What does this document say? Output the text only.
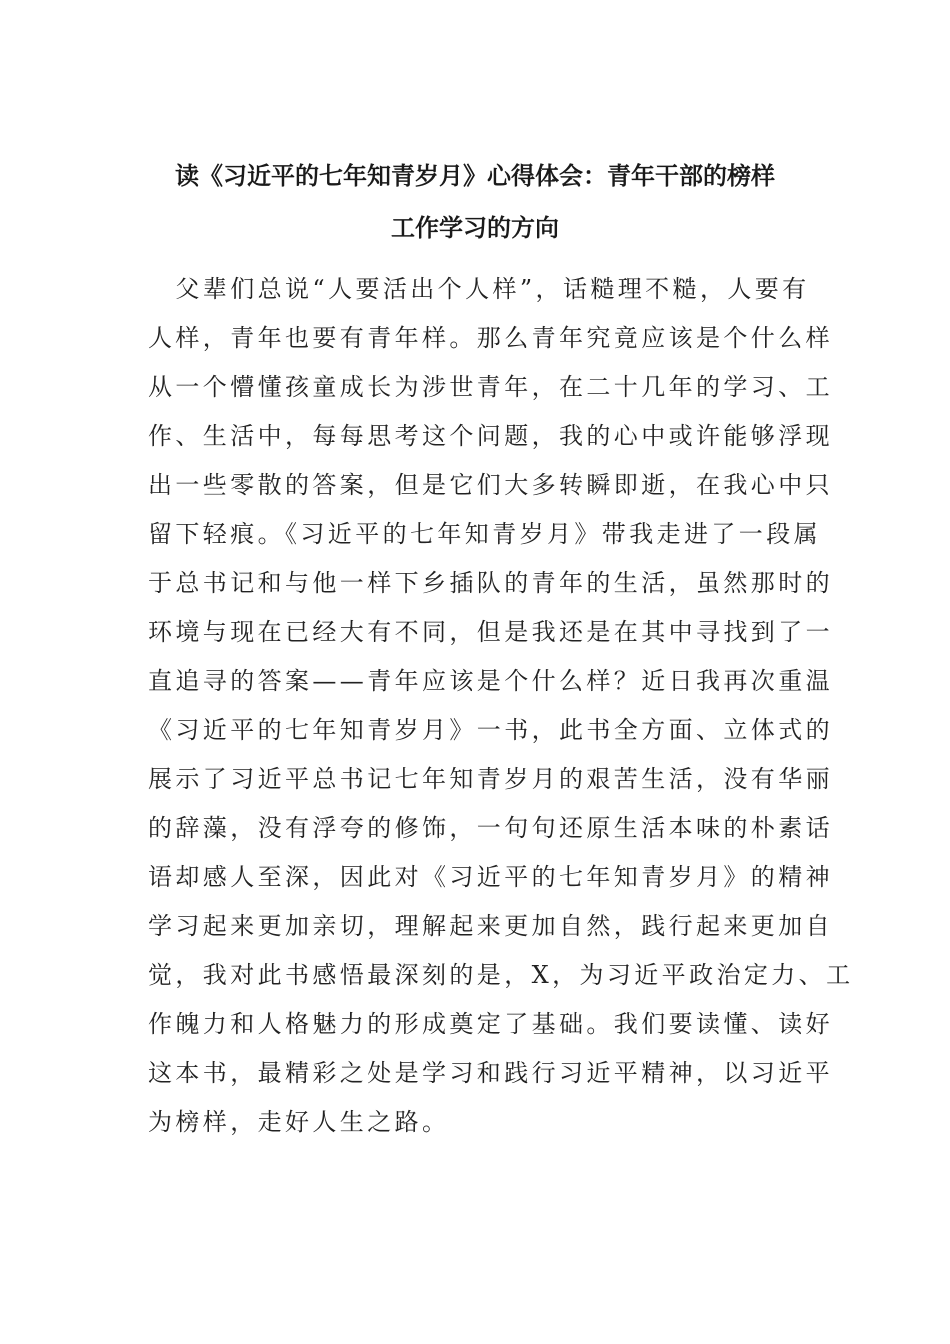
读《习近平的七年知青岁月》心得体会：青年干部的榜样
工作学习的方向
　父辈们总说“人要活出个人样”，话糙理不糙，人要有
人样，青年也要有青年样。那么青年究竟应该是个什么样
从一个懵懂孩童成长为涉世青年，在二十几年的学习、工
作、生活中，每每思考这个问题，我的心中或许能够浮现
出一些零散的答案，但是它们大多转瞬即逝，在我心中只
留下轻痕。《习近平的七年知青岁月》带我走进了一段属
于总书记和与他一样下乡插队的青年的生活，虽然那时的
环境与现在已经大有不同，但是我还是在其中寻找到了一
直追寻的答案——青年应该是个什么样？近日我再次重温
《习近平的七年知青岁月》一书，此书全方面、立体式的
展示了习近平总书记七年知青岁月的艰苦生活，没有华丽
的辞藻，没有浮夸的修饰，一句句还原生活本味的朴素话
语却感人至深，因此对《习近平的七年知青岁月》的精神
学习起来更加亲切，理解起来更加自然，践行起来更加自
觉，我对此书感悟最深刻的是，X，为习近平政治定力、工
作魄力和人格魅力的形成奠定了基础。我们要读懂、读好
这本书，最精彩之处是学习和践行习近平精神，以习近平
为榜样，走好人生之路。
